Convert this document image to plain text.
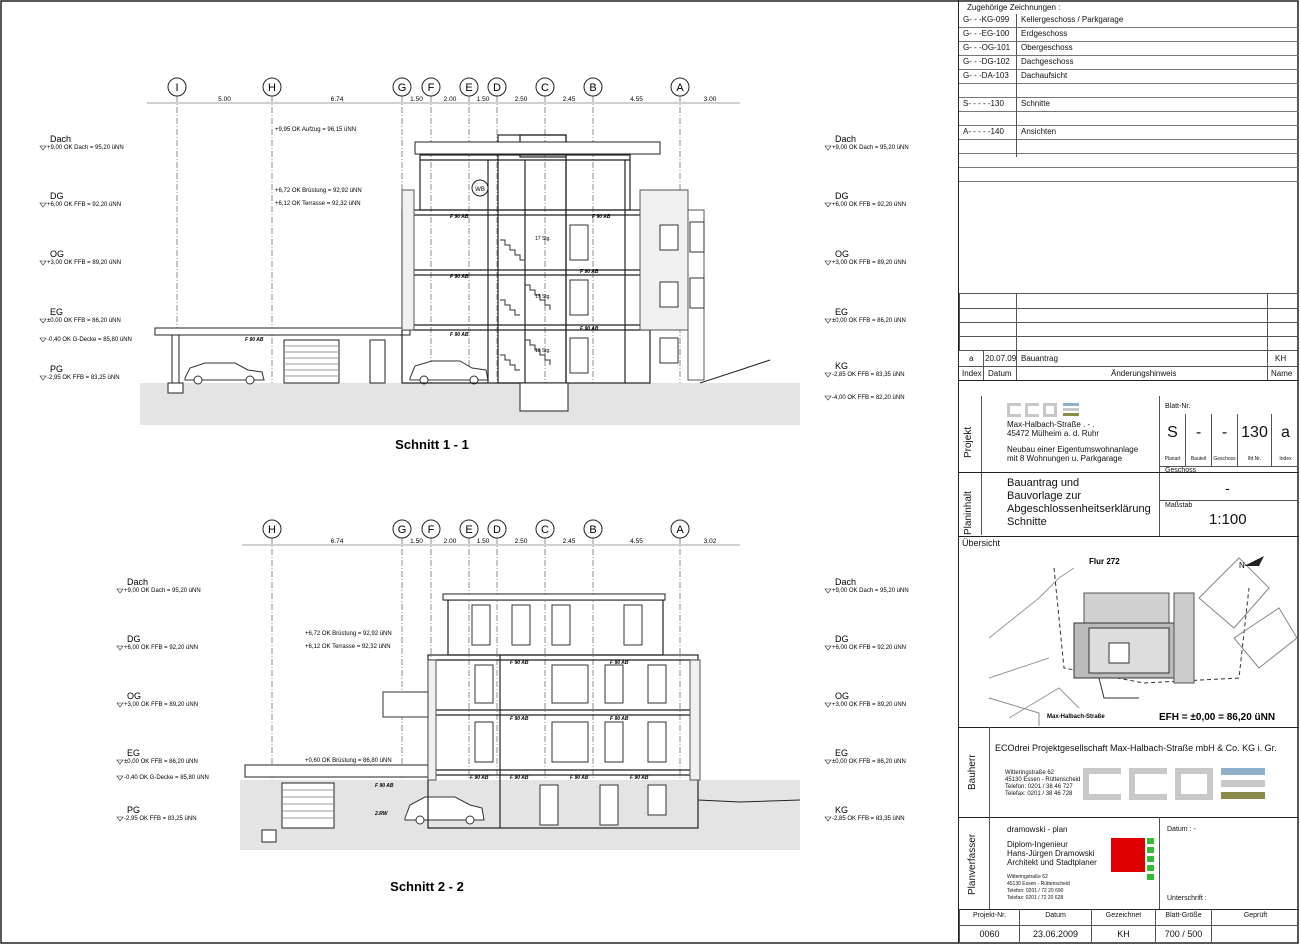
I	H	G F	E D	C	B	A
5.00	6.74	1.50	2.00	1.50	2.50	2.45	4.55	3.00
WB
F 90 AB
F 90 AB
F 90 AB
F 90 AB
F 90 AB
F 90 AB
F 90 AB
17 Stg.
17 Stg.
18 Stg.
+9,95 OK Aufzug = 96,15 üNN
+6,72 OK Brüstung = 92,92 üNN
+6,12 OK Terrasse = 92,32 üNN
Dach
+9,00 OK Dach = 95,20 üNN
DG
+6,00 OK FFB = 92,20 üNN
OG
+3,00 OK FFB = 89,20 üNN
EG
±0,00 OK FFB = 86,20 üNN
-0,40 OK G-Decke = 85,80 üNN
PG
-2,95 OK FFB = 83,25 üNN
Dach
+9,00 OK Dach = 95,20 üNN
DG
+6,00 OK FFB = 92,20 üNN
OG
+3,00 OK FFB = 89,20 üNN
EG
±0,00 OK FFB = 86,20 üNN
KG
-2,85 OK FFB = 83,35 üNN
-4,00 OK FFB = 82,20 üNN
Schnitt 1 - 1
H	G F	E D	C	B	A
6.74	1.50	2.00	1.50	2.50	2.45	4.55	3.02
F 90 AB	F 90 AB
F 90 AB	F 90 AB
F 90 AB	F 90 AB	F 90 AB	F 90 AB
F 90 AB
2.RW
+6,72 OK Brüstung = 92,92 üNN
+6,12 OK Terrasse = 92,32 üNN
+0,60 OK Brüstung = 86,80 üNN
Dach
+9,00 OK Dach = 95,20 üNN
DG
+6,00 OK FFB = 92,20 üNN
OG
+3,00 OK FFB = 89,20 üNN
EG
±0,00 OK FFB = 86,20 üNN
-0,40 OK G-Decke = 85,80 üNN
PG
-2,95 OK FFB = 83,25 üNN
Dach
+9,00 OK Dach = 95,20 üNN
DG
+6,00 OK FFB = 92,20 üNN
OG
+3,00 OK FFB = 89,20 üNN
EG
±0,00 OK FFB = 86,20 üNN
KG
-2,85 OK FFB = 83,35 üNN
Schnitt 2 - 2
Zugehörige Zeichnungen :
G- - -KG-099 Kellergeschoss / Parkgarage
G- - -EG-100 Erdgeschoss
G- - -OG-101 Obergeschoss
G- - -DG-102 Dachgeschoss
G- - -DA-103 Dachaufsicht
S- - - - -130 Schnitte
A- - - - -140 Ansichten
a 20.07.09 Bauantrag	KH
Index Datum	Änderungshinweis	Name
Projekt
Max-Halbach-Straße . - .
45472 Mülheim a. d. Ruhr
Neubau einer Eigentumswohnanlage
mit 8 Wohnungen u. Parkgarage
Blatt-Nr.
S
Planart
-
Bauteil
-
Geschoss
130
lfd.Nr.
a
Index
Planinhalt
Bauantrag und
Bauvorlage zur
Abgeschlossenheitserklärung
Schnitte
Geschoss
-
Maßstab
1:100
Übersicht
Flur 272	N
Max-Halbach-Straße	EFH = ±0,00 = 86,20 üNN
Bauherr
ECOdrei Projektgesellschaft Max-Halbach-Straße mbH & Co. KG i. Gr.
Witteringstraße 62
45130 Essen - Rüttenscheid
Telefon: 0201 / 38 46 727
Telefax: 0201 / 38 46 728
Planverfasser
dramowski - plan
Diplom-Ingenieur
Hans-Jürgen Dramowski
Architekt und Stadtplaner
Witteringstraße 62
45130 Essen - Rüttenscheid
Telefon: 0201 / 72 20 690
Telefax: 0201 / 72 20 628
Datum : -
Unterschrift :
Projekt-Nr.
0060
Datum
23.06.2009
Gezeichnet
KH
Blatt-Größe
700 / 500
Geprüft
